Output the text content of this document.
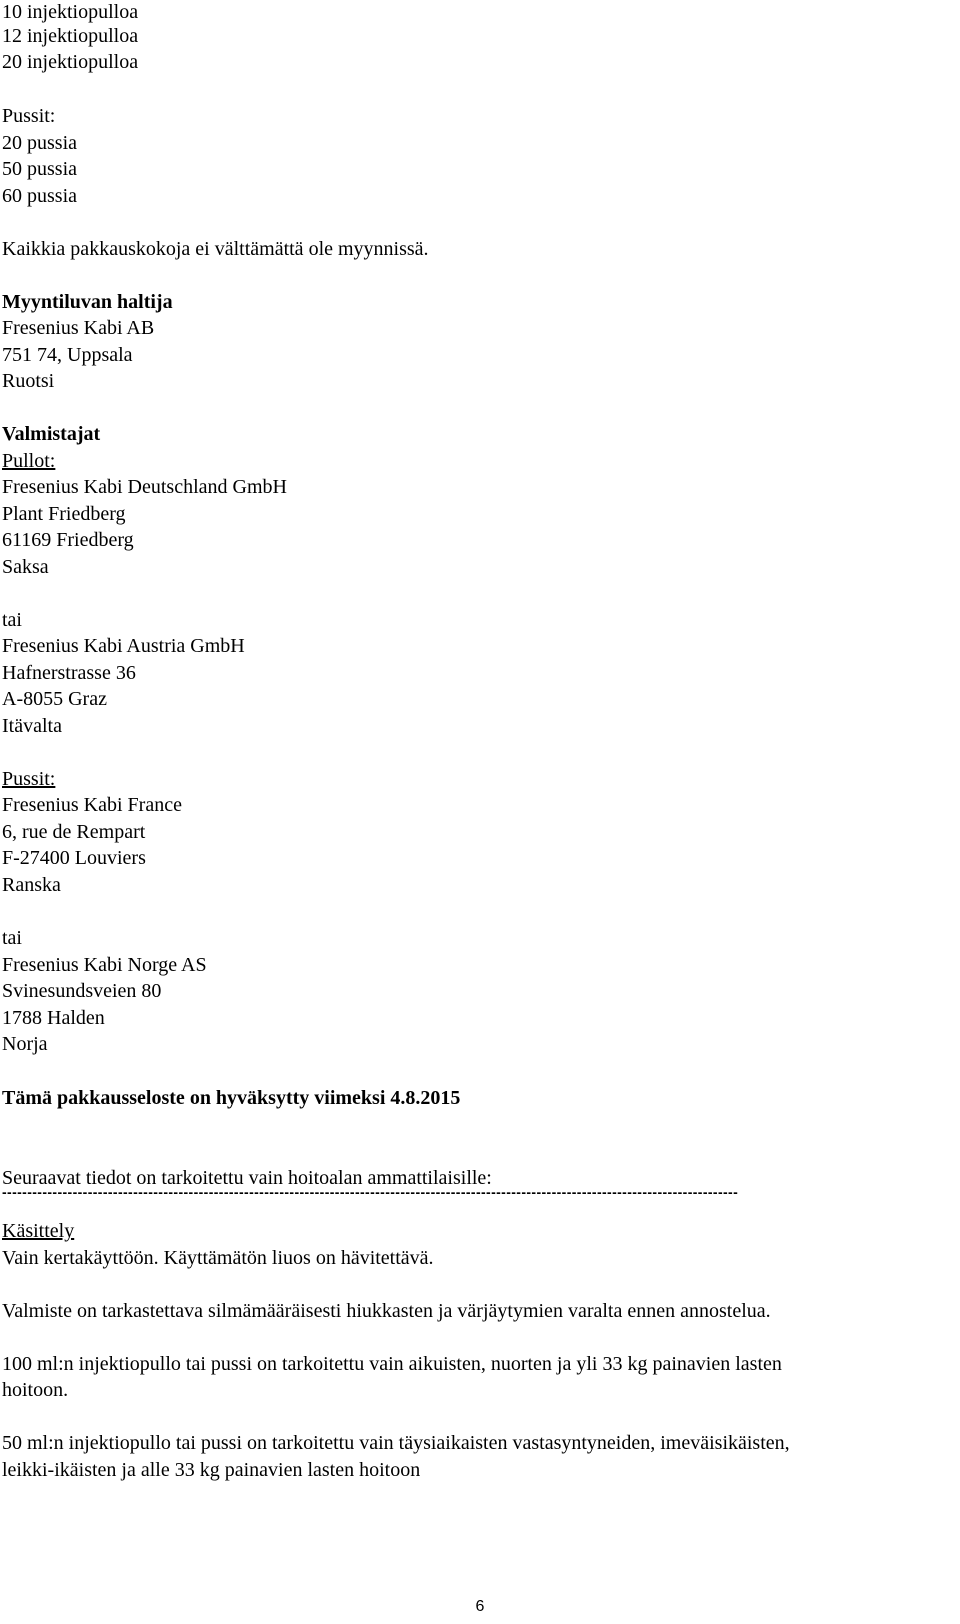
10 injektiopulloa
12 injektiopulloa
20 injektiopulloa
Pussit:
20 pussia
50 pussia
60 pussia
Kaikkia pakkauskokoja ei välttämättä ole myynnissä.
Myyntiluvan haltija
Fresenius Kabi AB
751 74, Uppsala
Ruotsi
Valmistajat
Pullot:
Fresenius Kabi Deutschland GmbH
Plant Friedberg
61169 Friedberg
Saksa
tai
Fresenius Kabi Austria GmbH
Hafnerstrasse 36
A-8055 Graz
Itävalta
Pussit:
Fresenius Kabi France
6, rue de Rempart
F-27400 Louviers
Ranska
tai
Fresenius Kabi Norge AS
Svinesundsveien 80
1788 Halden
Norja
Tämä pakkausseloste on hyväksytty viimeksi 4.8.2015
--------------------------------------------------------------------------------------------------------------------------------------------------
Seuraavat tiedot on tarkoitettu vain hoitoalan ammattilaisille:
Käsittely
Vain kertakäyttöön. Käyttämätön liuos on hävitettävä.
Valmiste on tarkastettava silmämääräisesti hiukkasten ja värjäytymien varalta ennen annostelua.
100 ml:n injektiopullo tai pussi on tarkoitettu vain aikuisten, nuorten ja yli 33 kg painavien lasten
hoitoon.
50 ml:n injektiopullo tai pussi on tarkoitettu vain täysiaikaisten vastasyntyneiden, imeväisikäisten,
leikki-ikäisten ja alle 33 kg painavien lasten hoitoon
6
